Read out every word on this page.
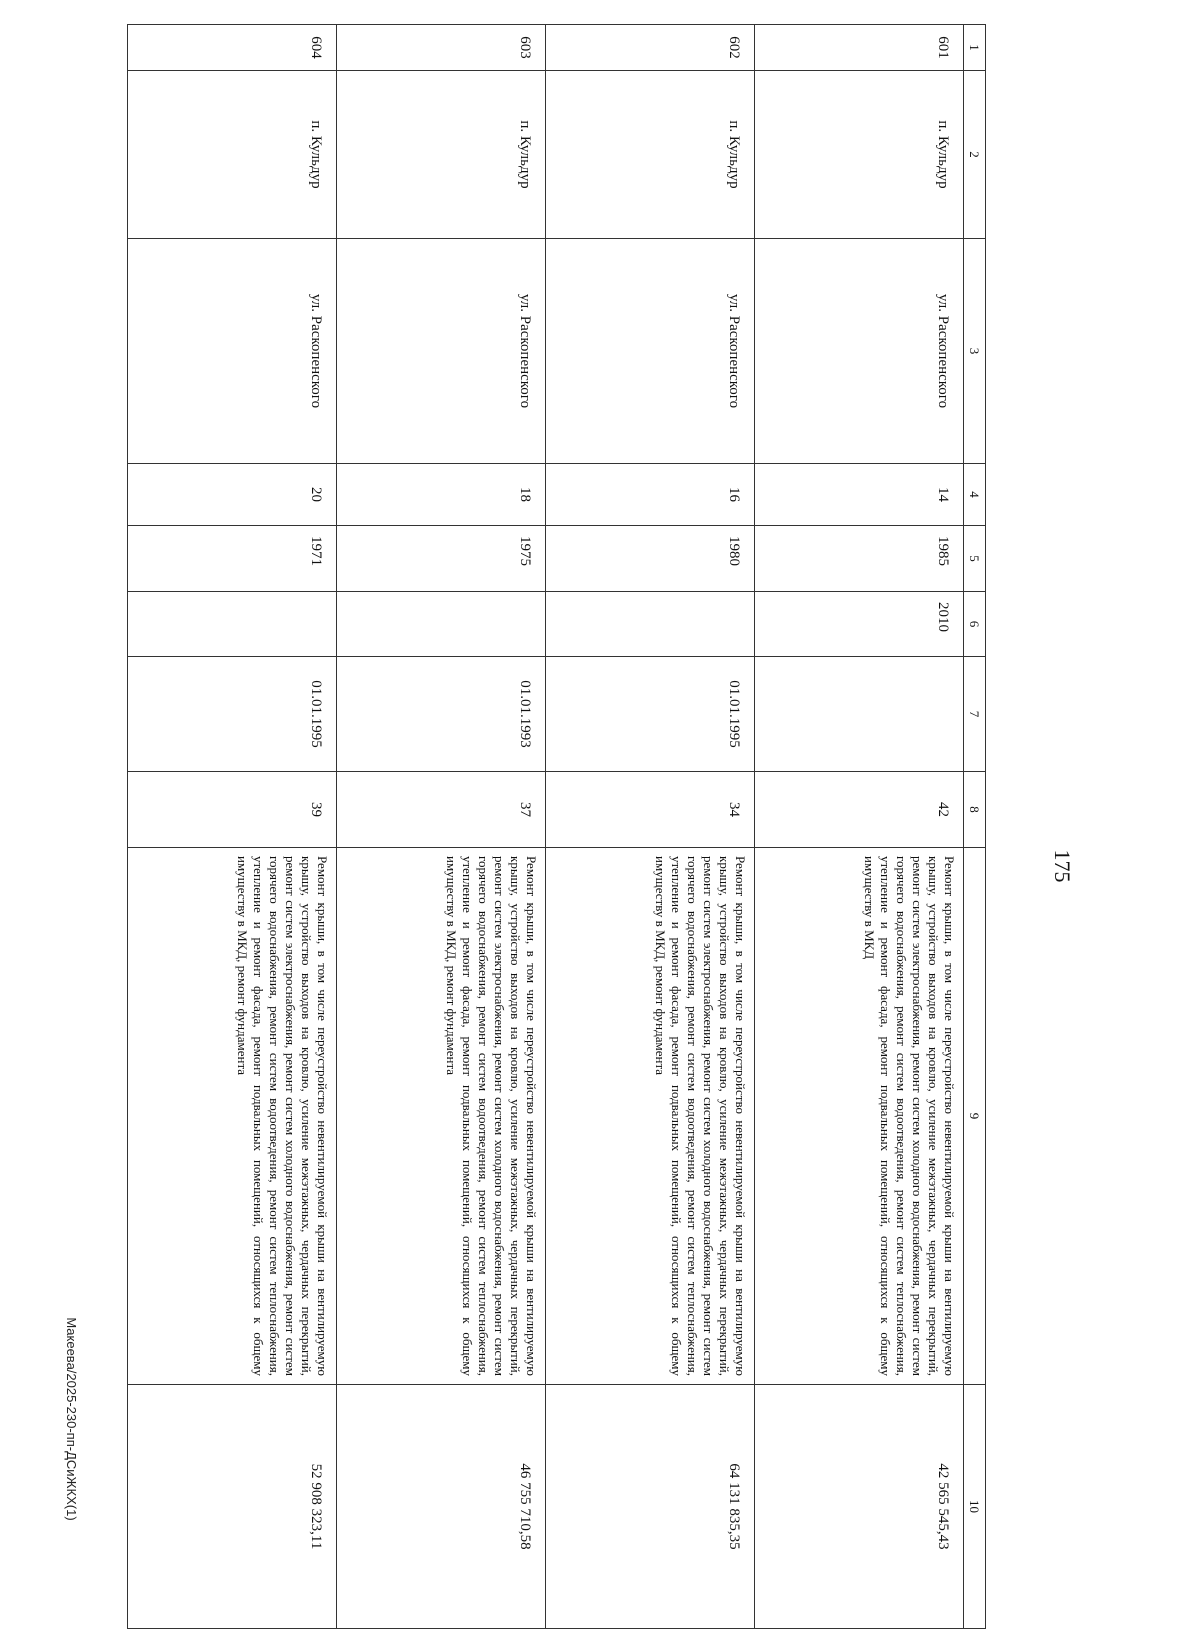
175
1	2	3	4	5	6	7	8	9	10
601	п. Кульдур	ул. Раскопенского	14	1985	2010		42	Ремонт крыши, в том числе переустройство невентилируемой крыши на вентилируемую крышу, устройство выходов на кровлю, усиление межэтажных, чердачных перекрытий, ремонт систем электроснабжения, ремонт систем холодного водоснабжения, ремонт систем горячего водоснабжения, ремонт систем водоотведения, ремонт систем теплоснабжения, утепление и ремонт фасада, ремонт подвальных помещений, относящихся к общему имуществу в МКД	42 565 545,43
602	п. Кульдур	ул. Раскопенского	16	1980		01.01.1995	34	Ремонт крыши, в том числе переустройство невентилируемой крыши на вентилируемую крышу, устройство выходов на кровлю, усиление межэтажных, чердачных перекрытий, ремонт систем электроснабжения, ремонт систем холодного водоснабжения, ремонт систем горячего водоснабжения, ремонт систем водоотведения, ремонт систем теплоснабжения, утепление и ремонт фасада, ремонт подвальных помещений, относящихся к общему имуществу в МКД, ремонт фундамента	64 131 835,35
603	п. Кульдур	ул. Раскопенского	18	1975		01.01.1993	37	Ремонт крыши, в том числе переустройство невентилируемой крыши на вентилируемую крышу, устройство выходов на кровлю, усиление межэтажных, чердачных перекрытий, ремонт систем электроснабжения, ремонт систем холодного водоснабжения, ремонт систем горячего водоснабжения, ремонт систем водоотведения, ремонт систем теплоснабжения, утепление и ремонт фасада, ремонт подвальных помещений, относящихся к общему имуществу в МКД, ремонт фундамента	46 755 710,58
604	п. Кульдур	ул. Раскопенского	20	1971		01.01.1995	39	Ремонт крыши, в том числе переустройство невентилируемой крыши на вентилируемую крышу, устройство выходов на кровлю, усиление межэтажных, чердачных перекрытий, ремонт систем электроснабжения, ремонт систем холодного водоснабжения, ремонт систем горячего водоснабжения, ремонт систем водоотведения, ремонт систем теплоснабжения, утепление и ремонт фасада, ремонт подвальных помещений, относящихся к общему имуществу в МКД, ремонт фундамента	52 908 323,11
Макеева/2025-230-пп-ДСиЖКХ(1)
